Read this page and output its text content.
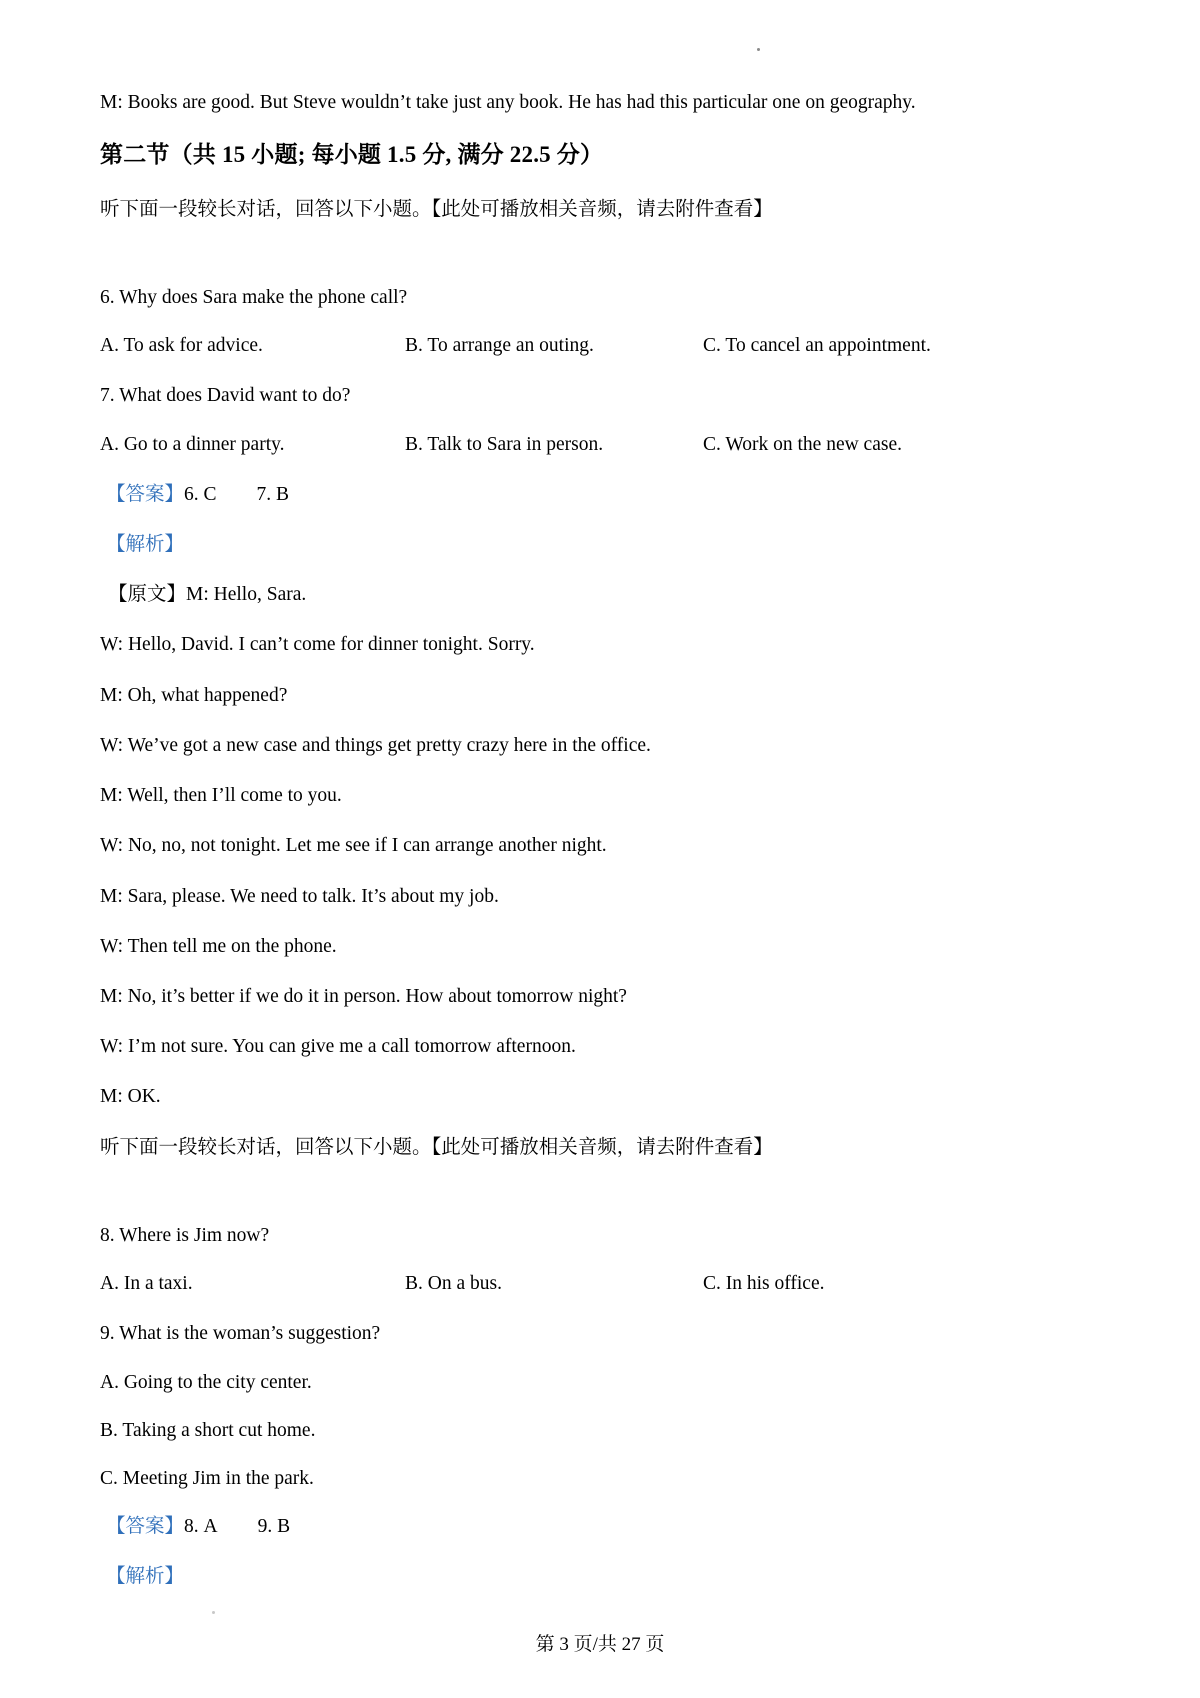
M: Books are good. But Steve wouldn’t take just any book. He has had this particular one on geography.

第二节（共 15 小题; 每小题 1.5 分, 满分 22.5 分）

听下面一段较长对话，回答以下小题。【此处可播放相关音频，请去附件查看】

6. Why does Sara make the phone call?

A. To ask for advice.	B. To arrange an outing.	C. To cancel an appointment.

7. What does David want to do?

A. Go to a dinner party.	B. Talk to Sara in person.	C. Work on the new case.

【答案】6. C 7. B

【解析】

【原文】M: Hello, Sara.

W: Hello, David. I can’t come for dinner tonight. Sorry.

M: Oh, what happened?

W: We’ve got a new case and things get pretty crazy here in the office.

M: Well, then I’ll come to you.

W: No, no, not tonight. Let me see if I can arrange another night.

M: Sara, please. We need to talk. It’s about my job.

W: Then tell me on the phone.

M: No, it’s better if we do it in person. How about tomorrow night?

W: I’m not sure. You can give me a call tomorrow afternoon.

M: OK.

听下面一段较长对话，回答以下小题。【此处可播放相关音频，请去附件查看】

8. Where is Jim now?

A. In a taxi.	B. On a bus.	C. In his office.

9. What is the woman’s suggestion?

A. Going to the city center.

B. Taking a short cut home.

C. Meeting Jim in the park.

【答案】8. A 9. B

【解析】

第 3 页/共 27 页
